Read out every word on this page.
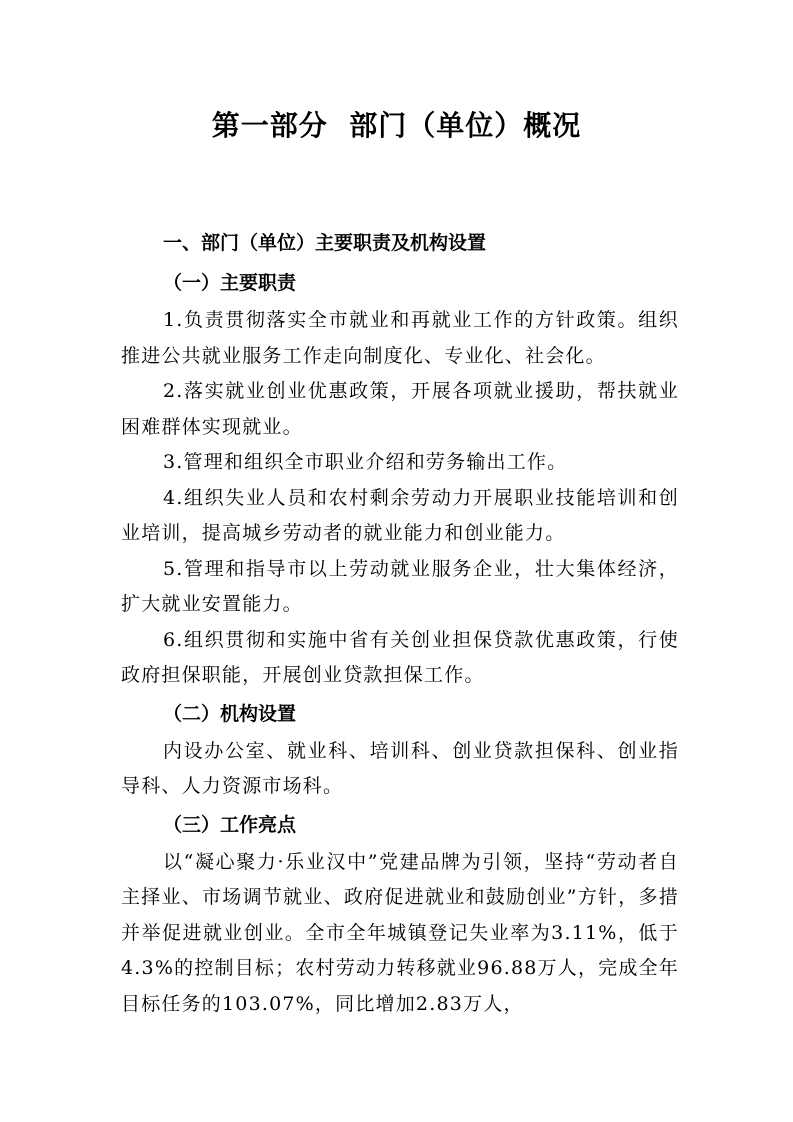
第一部分  部门（单位）概况

一、部门（单位）主要职责及机构设置

（一）主要职责

1.负责贯彻落实全市就业和再就业工作的方针政策。组织推进公共就业服务工作走向制度化、专业化、社会化。

2.落实就业创业优惠政策，开展各项就业援助，帮扶就业困难群体实现就业。

3.管理和组织全市职业介绍和劳务输出工作。

4.组织失业人员和农村剩余劳动力开展职业技能培训和创业培训，提高城乡劳动者的就业能力和创业能力。

5.管理和指导市以上劳动就业服务企业，壮大集体经济，扩大就业安置能力。

6.组织贯彻和实施中省有关创业担保贷款优惠政策，行使政府担保职能，开展创业贷款担保工作。

（二）机构设置

内设办公室、就业科、培训科、创业贷款担保科、创业指导科、人力资源市场科。

（三）工作亮点

以“凝心聚力·乐业汉中”党建品牌为引领，坚持“劳动者自主择业、市场调节就业、政府促进就业和鼓励创业”方针，多措并举促进就业创业。全市全年城镇登记失业率为3.11%，低于4.3%的控制目标；农村劳动力转移就业96.88万人，完成全年目标任务的103.07%，同比增加2.83万人，
